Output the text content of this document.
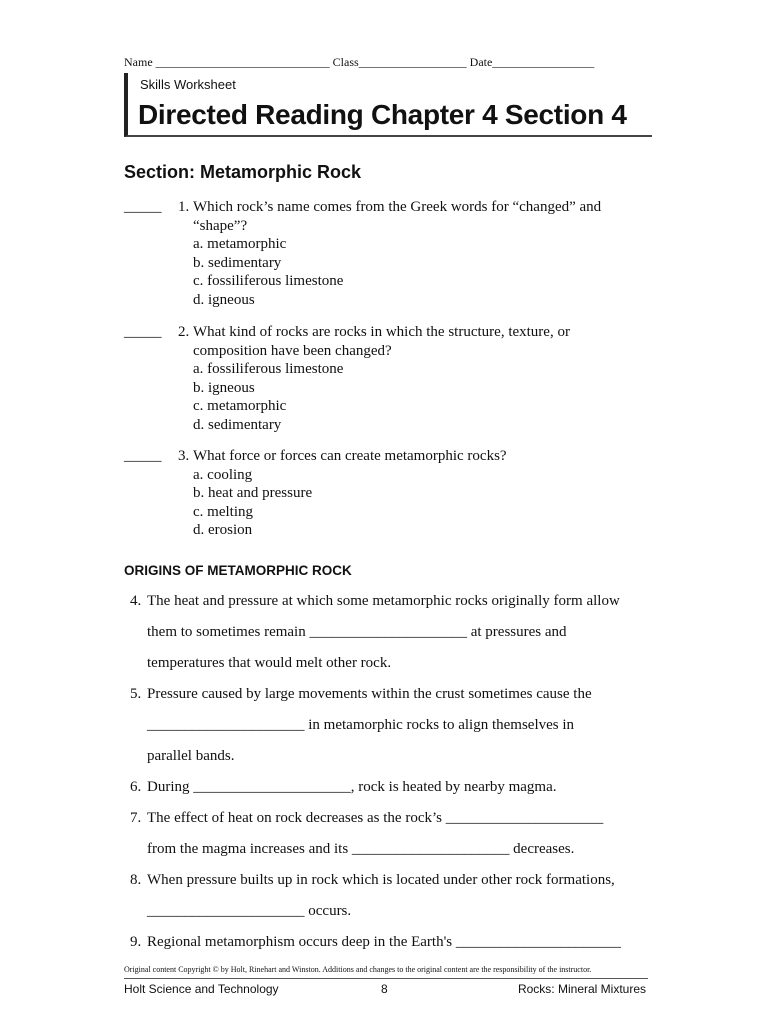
Name _____________________________ Class__________________ Date_________________
Skills Worksheet
Directed Reading Chapter 4 Section 4
Section: Metamorphic Rock
_____ 1. Which rock’s name comes from the Greek words for “changed” and
“shape”?
a. metamorphic
b. sedimentary
c. fossiliferous limestone
d. igneous
_____ 2. What kind of rocks are rocks in which the structure, texture, or
composition have been changed?
a. fossiliferous limestone
b. igneous
c. metamorphic
d. sedimentary
_____ 3. What force or forces can create metamorphic rocks?
a. cooling
b. heat and pressure
c. melting
d. erosion
ORIGINS OF METAMORPHIC ROCK
4. The heat and pressure at which some metamorphic rocks originally form allow
them to sometimes remain _____________________ at pressures and
temperatures that would melt other rock.
5. Pressure caused by large movements within the crust sometimes cause the
_____________________ in metamorphic rocks to align themselves in
parallel bands.
6. During _____________________, rock is heated by nearby magma.
7. The effect of heat on rock decreases as the rock’s _____________________
from the magma increases and its _____________________ decreases.
8. When pressure builts up in rock which is located under other rock formations,
_____________________ occurs.
9. Regional metamorphism occurs deep in the Earth's ______________________
Original content Copyright © by Holt, Rinehart and Winston. Additions and changes to the original content are the responsibility of the instructor.
Holt Science and Technology	8	Rocks: Mineral Mixtures
